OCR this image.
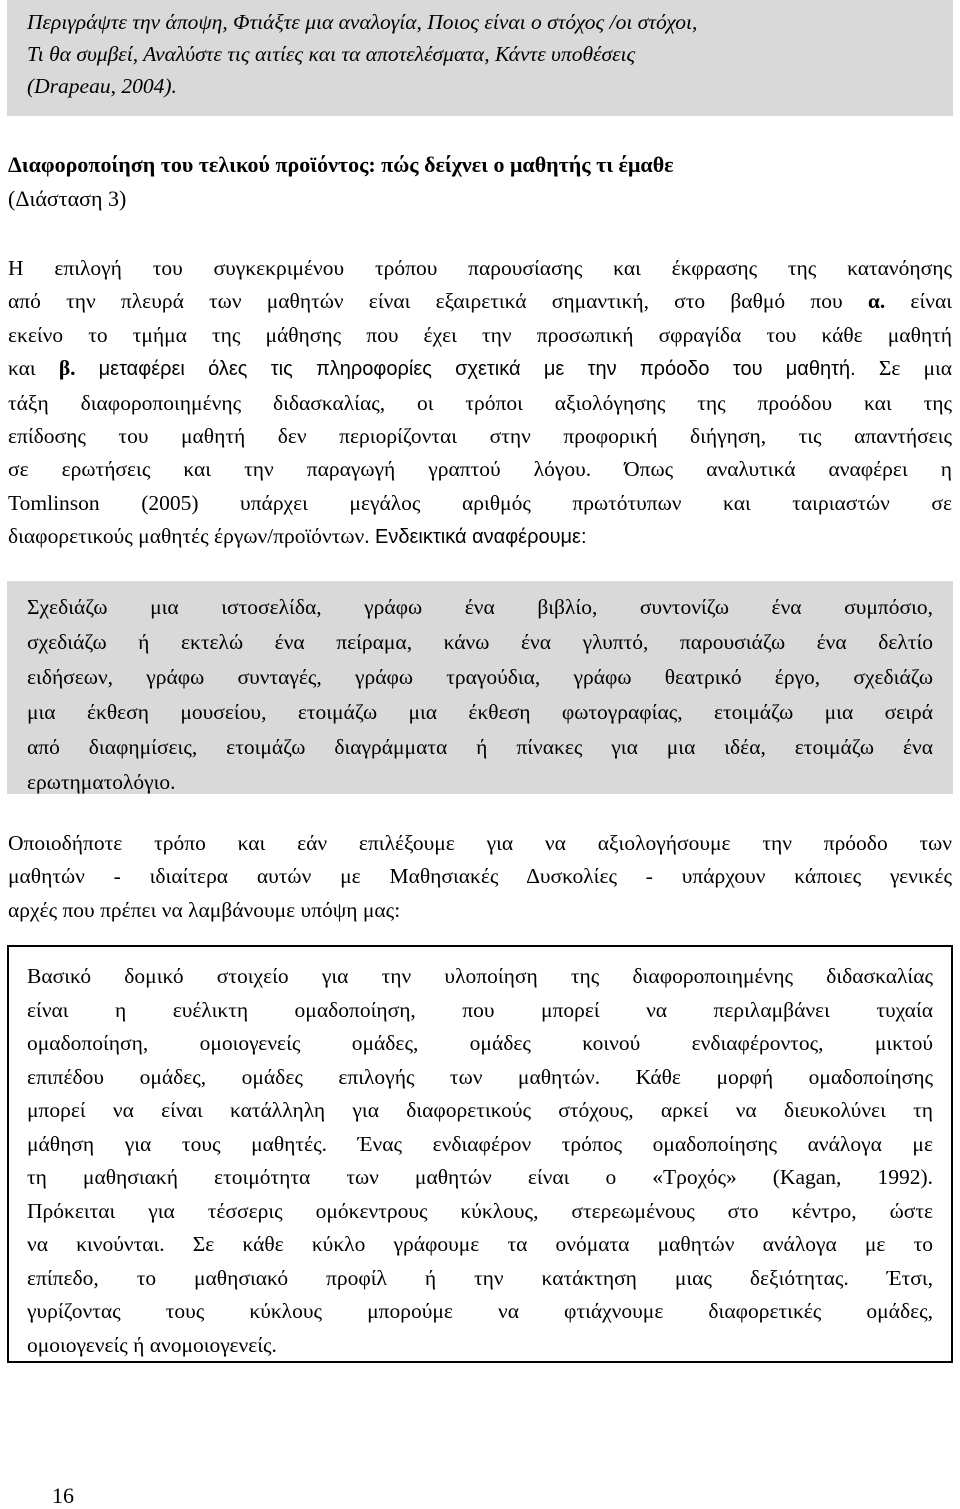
Περιγράψτε την άποψη, Φτιάξτε μια αναλογία, Ποιος είναι ο στόχος /οι στόχοι,
Τι θα συμβεί, Αναλύστε τις αιτίες και τα αποτελέσματα, Κάντε υποθέσεις
(Drapeau, 2004).
Διαφοροποίηση του τελικού προϊόντος: πώς δείχνει ο μαθητής τι έμαθε
(Διάσταση 3)
Η επιλογή του συγκεκριμένου τρόπου παρουσίασης και έκφρασης της κατανόησης
από την πλευρά των μαθητών είναι εξαιρετικά σημαντική, στο βαθμό που α. είναι
εκείνο το τμήμα της μάθησης που έχει την προσωπική σφραγίδα του κάθε μαθητή
και β. μεταφέρει όλες τις πληροφορίες σχετικά με την πρόοδο του μαθητή. Σε μια
τάξη διαφοροποιημένης διδασκαλίας, οι τρόποι αξιολόγησης της προόδου και της
επίδοσης του μαθητή δεν περιορίζονται στην προφορική διήγηση, τις απαντήσεις
σε ερωτήσεις και την παραγωγή γραπτού λόγου. Όπως αναλυτικά αναφέρει η
Tomlinson (2005) υπάρχει μεγάλος αριθμός πρωτότυπων και ταιριαστών σε
διαφορετικούς μαθητές έργων/προϊόντων. Ενδεικτικά αναφέρουμε:
Σχεδιάζω μια ιστοσελίδα, γράφω ένα βιβλίο, συντονίζω ένα συμπόσιο,
σχεδιάζω ή εκτελώ ένα πείραμα, κάνω ένα γλυπτό, παρουσιάζω ένα δελτίο
ειδήσεων, γράφω συνταγές, γράφω τραγούδια, γράφω θεατρικό έργο, σχεδιάζω
μια έκθεση μουσείου, ετοιμάζω μια έκθεση φωτογραφίας, ετοιμάζω μια σειρά
από διαφημίσεις, ετοιμάζω διαγράμματα ή πίνακες για μια ιδέα, ετοιμάζω ένα
ερωτηματολόγιο.
Οποιοδήποτε τρόπο και εάν επιλέξουμε για να αξιολογήσουμε την πρόοδο των
μαθητών - ιδιαίτερα αυτών με Μαθησιακές Δυσκολίες - υπάρχουν κάποιες γενικές
αρχές που πρέπει να λαμβάνουμε υπόψη μας:
Βασικό δομικό στοιχείο για την υλοποίηση της διαφοροποιημένης διδασκαλίας
είναι η ευέλικτη ομαδοποίηση, που μπορεί να περιλαμβάνει τυχαία
ομαδοποίηση, ομοιογενείς ομάδες, ομάδες κοινού ενδιαφέροντος, μικτού
επιπέδου ομάδες, ομάδες επιλογής των μαθητών. Κάθε μορφή ομαδοποίησης
μπορεί να είναι κατάλληλη για διαφορετικούς στόχους, αρκεί να διευκολύνει τη
μάθηση για τους μαθητές. Ένας ενδιαφέρον τρόπος ομαδοποίησης ανάλογα με
τη μαθησιακή ετοιμότητα των μαθητών είναι ο «Τροχός» (Kagan, 1992).
Πρόκειται για τέσσερις ομόκεντρους κύκλους, στερεωμένους στο κέντρο, ώστε
να κινούνται. Σε κάθε κύκλο γράφουμε τα ονόματα μαθητών ανάλογα με το
επίπεδο, το μαθησιακό προφίλ ή την κατάκτηση μιας δεξιότητας. Έτσι,
γυρίζοντας τους κύκλους μπορούμε να φτιάχνουμε διαφορετικές ομάδες,
ομοιογενείς ή ανομοιογενείς.
16
